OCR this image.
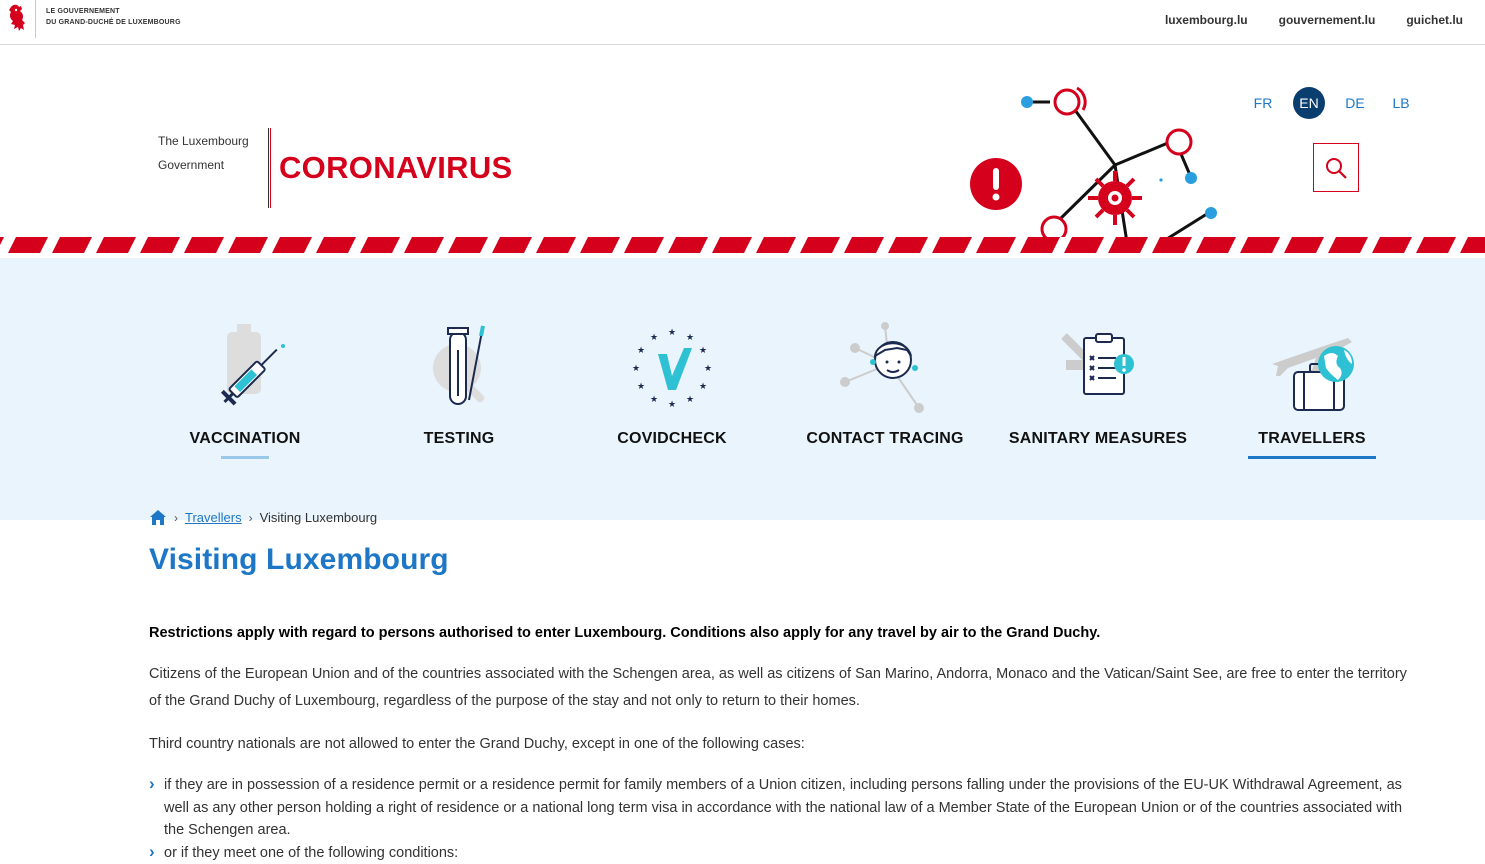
LE GOUVERNEMENT
DU GRAND-DUCHÉ DE LUXEMBOURG	luxembourg.lu	gouvernement.lu	guichet.lu
FR	EN	DE	LB
The Luxembourg
Government	CORONAVIRUS
VACCINATION	TESTING
★ ★
★
★
★
★
★
★
★
★
★
★
COVIDCHECK	CONTACT TRACING	SANITARY MEASURES	TRAVELLERS
› Travellers › Visiting Luxembourg
Visiting Luxembourg

Restrictions apply with regard to persons authorised to enter Luxembourg. Conditions also apply for any travel by air to the Grand Duchy.

Citizens of the European Union and of the countries associated with the Schengen area, as well as citizens of San Marino, Andorra, Monaco and the Vatican/Saint See, are free to enter the territory of the Grand Duchy of Luxembourg, regardless of the purpose of the stay and not only to return to their homes.

Third country nationals are not allowed to enter the Grand Duchy, except in one of the following cases:

› if they are in possession of a residence permit or a residence permit for family members of a Union citizen, including persons falling under the provisions of the EU-UK Withdrawal Agreement, as well as any other person holding a right of residence or a national long term visa in accordance with the national law of a Member State of the European Union or of the countries associated with the Schengen area.
› or if they meet one of the following conditions:
